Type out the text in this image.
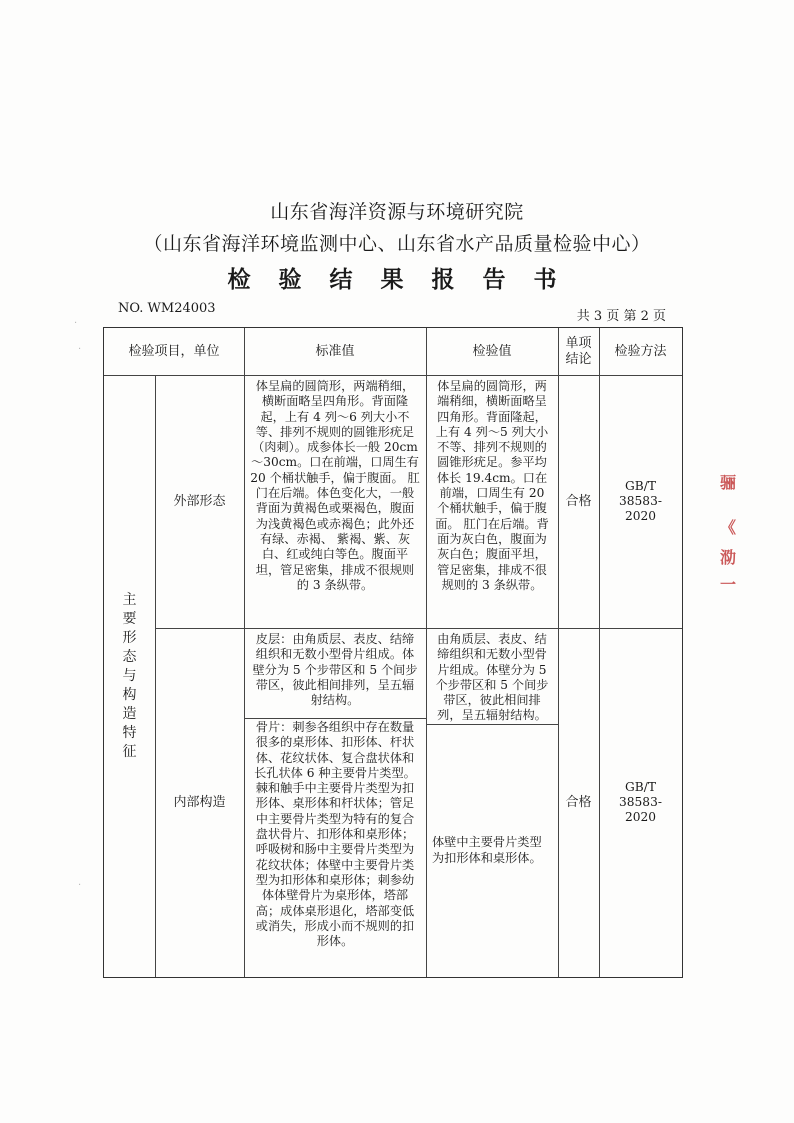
山东省海洋资源与环境研究院
（山东省海洋环境监测中心、山东省水产品质量检验中心）
检 验 结 果 报 告 书
NO. WM24003
共 3 页 第 2 页
检验项目，单位	标准值	检验值
单项结论
检验方法
主要形态与构造特征
外部形态
体呈扁的圆筒形，两端稍细，横断面略呈四角形。背面隆起，上有 4 列～6 列大小不等、排列不规则的圆锥形疣足（肉刺）。成参体长一般 20cm～30cm。口在前端，口周生有 20 个桶状触手，偏于腹面。 肛门在后端。体色变化大，一般背面为黄褐色或栗褐色，腹面为浅黄褐色或赤褐色；此外还有绿、赤褐、 紫褐、紫、灰白、红或纯白等色。腹面平坦，管足密集，排成不很规则的 3 条纵带。
体呈扁的圆筒形，两端稍细，横断面略呈四角形。背面隆起，上有 4 列～5 列大小不等、排列不规则的圆锥形疣足。参平均体长 19.4cm。口在前端，口周生有 20 个桶状触手，偏于腹面。 肛门在后端。背面为灰白色，腹面为灰白色；腹面平坦，管足密集，排成不很规则的 3 条纵带。
合格
GB/T 38583-2020
内部构造
皮层：由角质层、表皮、结缔组织和无数小型骨片组成。体壁分为 5 个步带区和 5 个间步带区，彼此相间排列，呈五辐射结构。
由角质层、表皮、结缔组织和无数小型骨片组成。体壁分为 5 个步带区和 5 个间步带区，彼此相间排列，呈五辐射结构。
骨片：刺参各组织中存在数量很多的桌形体、扣形体、杆状体、花纹状体、复合盘状体和长孔状体 6 种主要骨片类型。棘和触手中主要骨片类型为扣形体、桌形体和杆状体；管足中主要骨片类型为特有的复合盘状骨片、扣形体和桌形体；呼吸树和肠中主要骨片类型为花纹状体；体壁中主要骨片类型为扣形体和桌形体；刺参幼体体壁骨片为桌形体，塔部高；成体桌形退化，塔部变低或消失，形成小而不规则的扣形体。
体壁中主要骨片类型为扣形体和桌形体。
合格
GB/T 38583-2020
骊
《
泐
一
·
·
·
